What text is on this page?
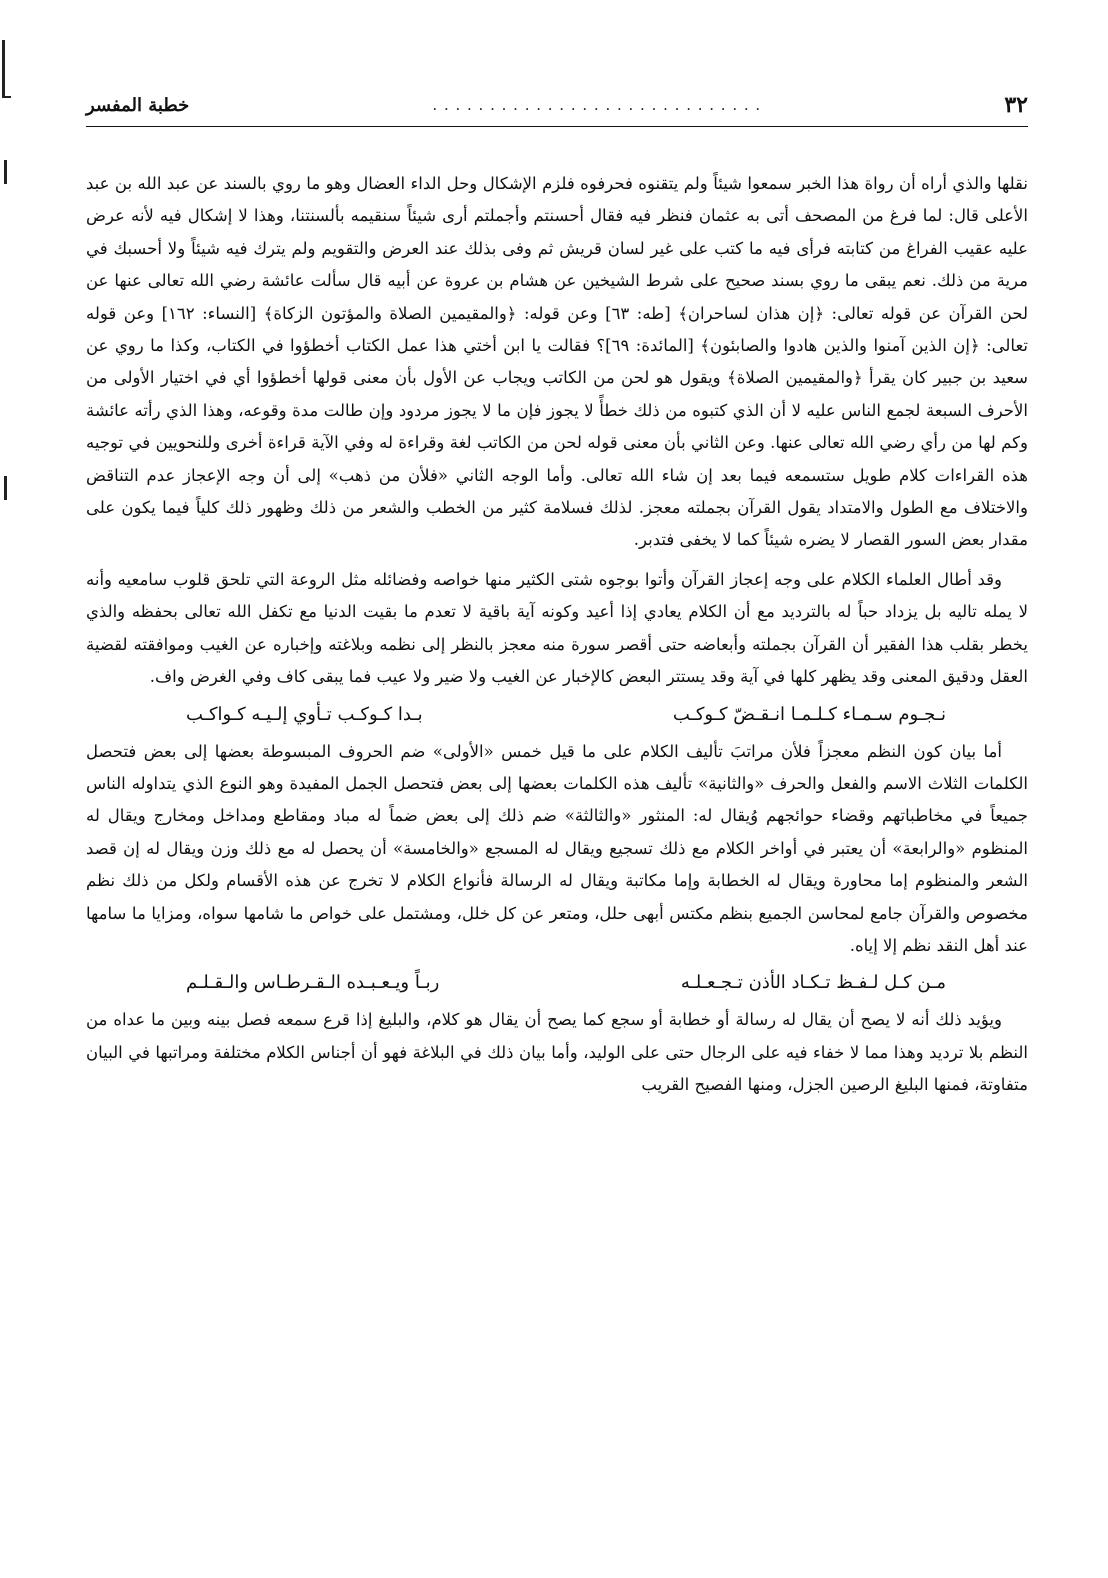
٣٢
. . . . . . . . . . . . . . . . . . . . . . . . . . . . .
خطبة المفسر

نقلها والذي أراه أن رواة هذا الخبر سمعوا شيئاً ولم يتقنوه فحرفوه فلزم الإشكال وحل الداء العضال وهو ما روي بالسند عن عبد الله بن عبد الأعلى قال: لما فرغ من المصحف أتى به عثمان فنظر فيه فقال أحسنتم وأجملتم أرى شيئاً سنقيمه بألسنتنا، وهذا لا إشكال فيه لأنه عرض عليه عقيب الفراغ من كتابته فرأى فيه ما كتب على غير لسان قريش ثم وفى بذلك عند العرض والتقويم ولم يترك فيه شيئاً ولا أحسبك في مرية من ذلك. نعم يبقى ما روي بسند صحيح على شرط الشيخين عن هشام بن عروة عن أبيه قال سألت عائشة رضي الله تعالى عنها عن لحن القرآن عن قوله تعالى: ﴿إن هذان لساحران﴾ [طه: ٦٣] وعن قوله: ﴿والمقيمين الصلاة والمؤتون الزكاة﴾ [النساء: ١٦٢] وعن قوله تعالى: ﴿إن الذين آمنوا والذين هادوا والصابئون﴾ [المائدة: ٦٩]؟ فقالت يا ابن أختي هذا عمل الكتاب أخطؤوا في الكتاب، وكذا ما روي عن سعيد بن جبير كان يقرأ ﴿والمقيمين الصلاة﴾ ويقول هو لحن من الكاتب ويجاب عن الأول بأن معنى قولها أخطؤوا أي في اختيار الأولى من الأحرف السبعة لجمع الناس عليه لا أن الذي كتبوه من ذلك خطأً لا يجوز فإن ما لا يجوز مردود وإن طالت مدة وقوعه، وهذا الذي رأته عائشة وكم لها من رأي رضي الله تعالى عنها. وعن الثاني بأن معنى قوله لحن من الكاتب لغة وقراءة له وفي الآية قراءة أخرى وللنحويين في توجيه هذه القراءات كلام طويل ستسمعه فيما بعد إن شاء الله تعالى. وأما الوجه الثاني «فلأن من ذهب» إلى أن وجه الإعجاز عدم التناقض والاختلاف مع الطول والامتداد يقول القرآن بجملته معجز. لذلك فسلامة كثير من الخطب والشعر من ذلك وظهور ذلك كلياً فيما يكون على مقدار بعض السور القصار لا يضره شيئاً كما لا يخفى فتدبر.

وقد أطال العلماء الكلام على وجه إعجاز القرآن وأتوا بوجوه شتى الكثير منها خواصه وفضائله مثل الروعة التي تلحق قلوب سامعيه وأنه لا يمله تاليه بل يزداد حباً له بالترديد مع أن الكلام يعادي إذا أعيد وكونه آية باقية لا تعدم ما بقيت الدنيا مع تكفل الله تعالى بحفظه والذي يخطر بقلب هذا الفقير أن القرآن بجملته وأبعاضه حتى أقصر سورة منه معجز بالنظر إلى نظمه وبلاغته وإخباره عن الغيب وموافقته لقضية العقل ودقيق المعنى وقد يظهر كلها في آية وقد يستتر البعض كالإخبار عن الغيب ولا ضير ولا عيب فما يبقى كاف وفي الغرض واف.

نـجـوم سـمـاء كـلـمـا انـقـضّ كـوكـب
بـدا كـوكـب تـأوي إلـيـه كـواكـب

أما بيان كون النظم معجزاً فلأن مراتبَ تأليف الكلام على ما قيل خمس «الأولى» ضم الحروف المبسوطة بعضها إلى بعض فتحصل الكلمات الثلاث الاسم والفعل والحرف «والثانية» تأليف هذه الكلمات بعضها إلى بعض فتحصل الجمل المفيدة وهو النوع الذي يتداوله الناس جميعاً في مخاطباتهم وقضاء حوائجهم وُيقال له: المنثور «والثالثة» ضم ذلك إلى بعض ضماً له مباد ومقاطع ومداخل ومخارج ويقال له المنظوم «والرابعة» أن يعتبر في أواخر الكلام مع ذلك تسجيع ويقال له المسجع «والخامسة» أن يحصل له مع ذلك وزن ويقال له إن قصد الشعر والمنظوم إما محاورة ويقال له الخطابة وإما مكاتبة ويقال له الرسالة فأنواع الكلام لا تخرج عن هذه الأقسام ولكل من ذلك نظم مخصوص والقرآن جامع لمحاسن الجميع بنظم مكتس أبهى حلل، ومتعر عن كل خلل، ومشتمل على خواص ما شامها سواه، ومزايا ما سامها عند أهل النقد نظم إلا إياه.

مـن كـل لـفـظ تـكـاد الأذن تـجـعـلـه
ربـاً ويـعـبـده الـقـرطـاس والـقـلـم

ويؤيد ذلك أنه لا يصح أن يقال له رسالة أو خطابة أو سجع كما يصح أن يقال هو كلام، والبليغ إذا قرع سمعه فصل بينه وبين ما عداه من النظم بلا ترديد وهذا مما لا خفاء فيه على الرجال حتى على الوليد، وأما بيان ذلك في البلاغة فهو أن أجناس الكلام مختلفة ومراتبها في البيان متفاوتة، فمنها البليغ الرصين الجزل، ومنها الفصيح القريب
